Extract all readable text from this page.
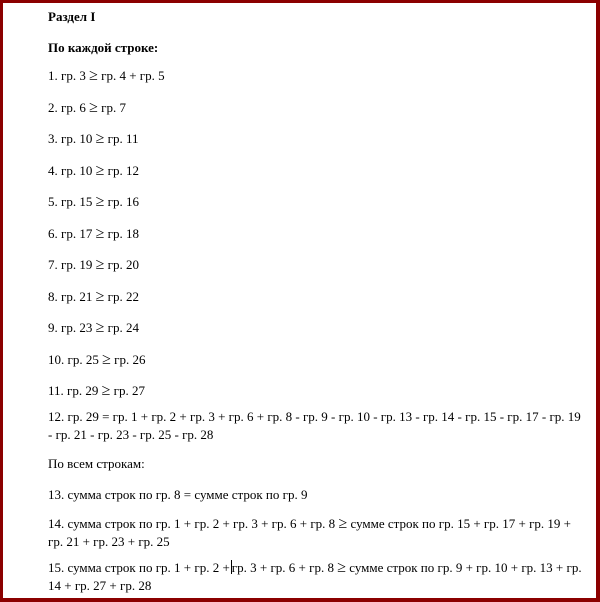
Раздел I
По каждой строке:
1. гр. 3 ≥ гр. 4 + гр. 5
2. гр. 6 ≥ гр. 7
3. гр. 10 ≥ гр. 11
4. гр. 10 ≥ гр. 12
5. гр. 15 ≥ гр. 16
6. гр. 17 ≥ гр. 18
7. гр. 19 ≥ гр. 20
8. гр. 21 ≥ гр. 22
9. гр. 23 ≥ гр. 24
10. гр. 25 ≥ гр. 26
11. гр. 29 ≥ гр. 27
12. гр. 29 = гр. 1 + гр. 2 + гр. 3 + гр. 6 + гр. 8 - гр. 9 - гр. 10 - гр. 13 - гр. 14 - гр. 15 - гр. 17 - гр. 19 - гр. 21 - гр. 23 - гр. 25 - гр. 28
По всем строкам:
13. сумма строк по гр. 8 = сумме строк по гр. 9
14. сумма строк по гр. 1 + гр. 2 + гр. 3 + гр. 6 + гр. 8 ≥ сумме строк по гр. 15 + гр. 17 + гр. 19 + гр. 21 + гр. 23 + гр. 25
15. сумма строк по гр. 1 + гр. 2 + гр. 3 + гр. 6 + гр. 8 ≥ сумме строк по гр. 9 + гр. 10 + гр. 13 + гр. 14 + гр. 27 + гр. 28
